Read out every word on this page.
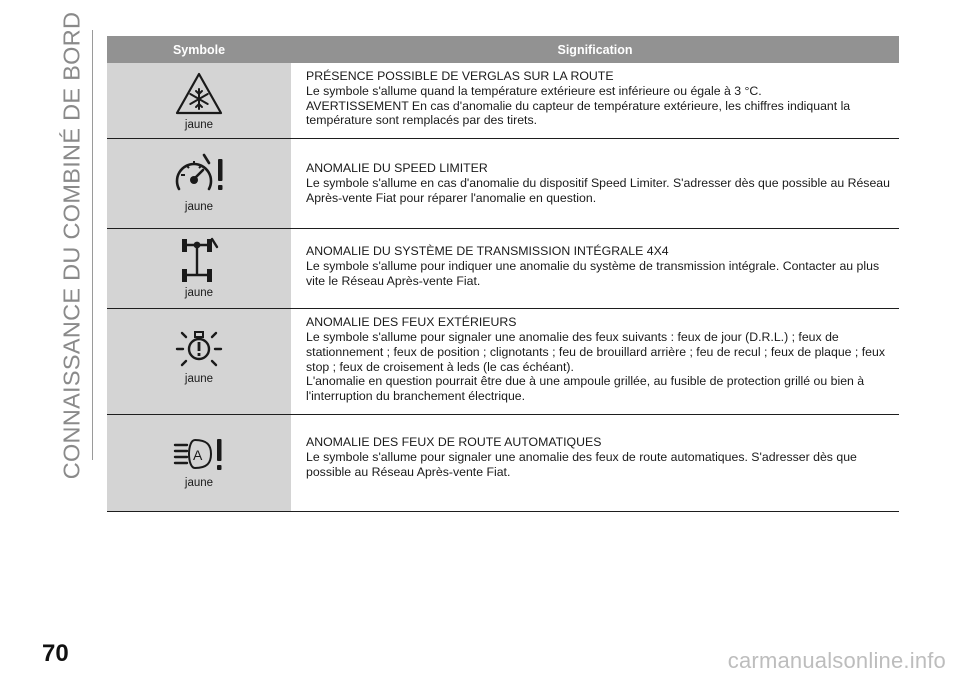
CONNAISSANCE DU COMBINÉ DE BORD	Symbole	Signification

jaune	PRÉSENCE POSSIBLE DE VERGLAS SUR LA ROUTE
Le symbole s'allume quand la température extérieure est inférieure ou égale à 3 °C.
AVERTISSEMENT En cas d'anomalie du capteur de température extérieure, les chiffres indiquant la température sont remplacés par des tirets.

jaune	ANOMALIE DU SPEED LIMITER
Le symbole s'allume en cas d'anomalie du dispositif Speed Limiter. S'adresser dès que possible au Réseau Après-vente Fiat pour réparer l'anomalie en question.

jaune	ANOMALIE DU SYSTÈME DE TRANSMISSION INTÉGRALE 4X4
Le symbole s'allume pour indiquer une anomalie du système de transmission intégrale. Contacter au plus vite le Réseau Après-vente Fiat.

jaune	ANOMALIE DES FEUX EXTÉRIEURS
Le symbole s'allume pour signaler une anomalie des feux suivants : feux de jour (D.R.L.) ; feux de stationnement ; feux de position ; clignotants ; feu de brouillard arrière ; feu de recul ; feux de plaque ; feux stop ; feux de croisement à leds (le cas échéant).
L'anomalie en question pourrait être due à une ampoule grillée, au fusible de protection grillé ou bien à l'interruption du branchement électrique.

A
jaune	ANOMALIE DES FEUX DE ROUTE AUTOMATIQUES
Le symbole s'allume pour signaler une anomalie des feux de route automatiques. S'adresser dès que possible au Réseau Après-vente Fiat.
70	carmanualsonline.info
